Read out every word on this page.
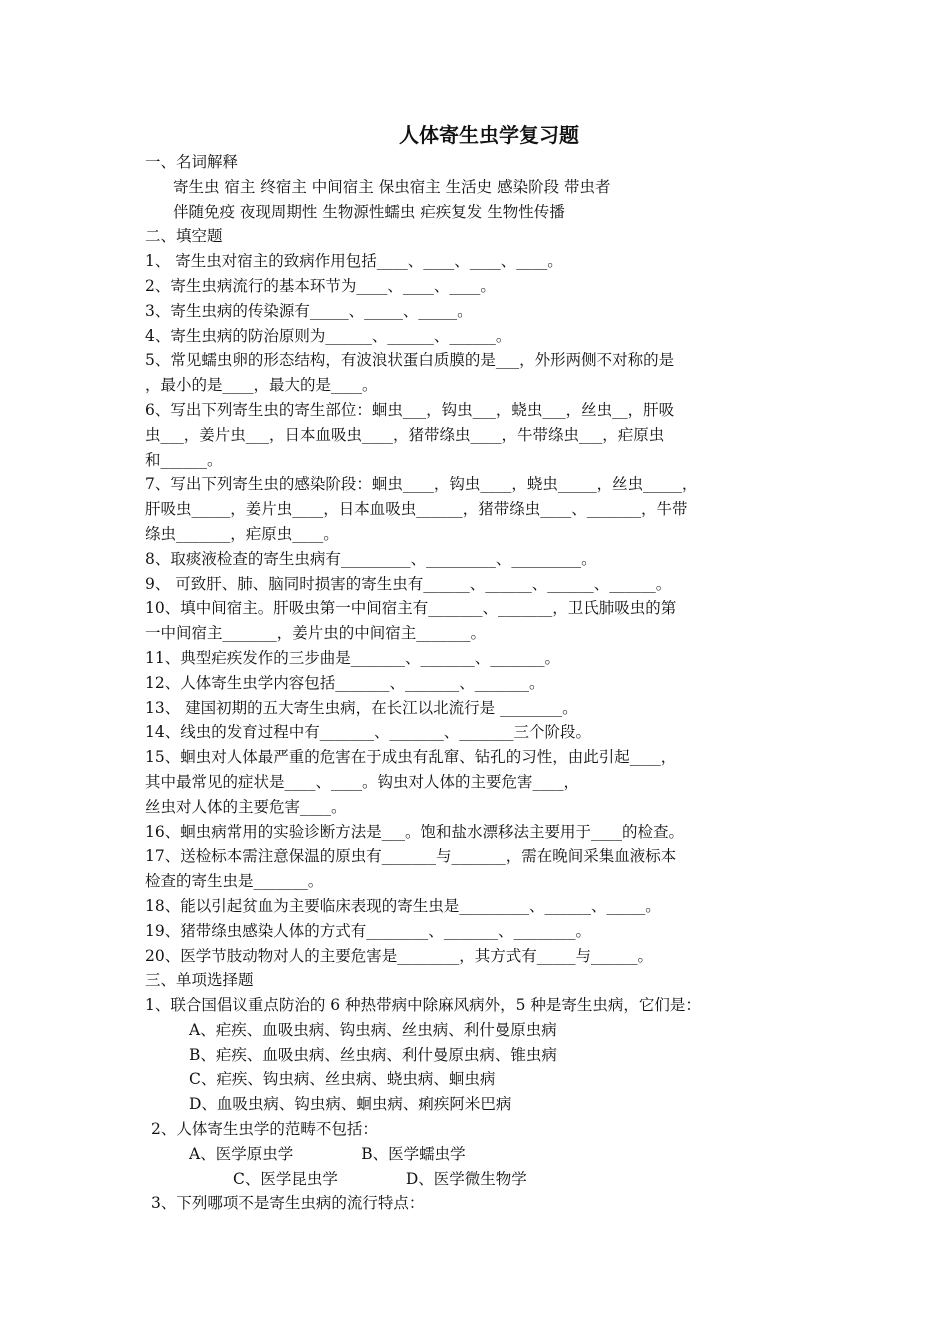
人体寄生虫学复习题
一、名词解释
寄生虫 宿主 终宿主 中间宿主 保虫宿主 生活史 感染阶段 带虫者
伴随免疫 夜现周期性 生物源性蠕虫 疟疾复发 生物性传播
二、填空题
1、 寄生虫对宿主的致病作用包括____、____、____、____。
2、寄生虫病流行的基本环节为____、____、____。
3、寄生虫病的传染源有_____、_____、_____。
4、寄生虫病的防治原则为______、______、______。
5、常见蠕虫卵的形态结构，有波浪状蛋白质膜的是___，外形两侧不对称的是
，最小的是____，最大的是____。
6、写出下列寄生虫的寄生部位：蛔虫___，钩虫___，蛲虫___，丝虫__，肝吸
虫___，姜片虫___，日本血吸虫____，猪带绦虫____，牛带绦虫___，疟原虫
和______。
7、写出下列寄生虫的感染阶段：蛔虫____，钩虫____，蛲虫_____，丝虫_____，
肝吸虫_____，姜片虫____，日本血吸虫______，猪带绦虫____、_______，牛带
绦虫_______，疟原虫____。
8、取痰液检查的寄生虫病有_________、_________、_________。
9、 可致肝、肺、脑同时损害的寄生虫有______、______、______、______。
10、填中间宿主。肝吸虫第一中间宿主有_______、_______，卫氏肺吸虫的第
一中间宿主_______，姜片虫的中间宿主_______。
11、典型疟疾发作的三步曲是_______、_______、_______。
12、人体寄生虫学内容包括_______、_______、_______。
13、 建国初期的五大寄生虫病，在长江以北流行是 ________。
14、线虫的发育过程中有_______、_______、_______三个阶段。
15、蛔虫对人体最严重的危害在于成虫有乱窜、钻孔的习性，由此引起____，
其中最常见的症状是____、____。钩虫对人体的主要危害____，
丝虫对人体的主要危害____。
16、蛔虫病常用的实验诊断方法是___。饱和盐水漂移法主要用于____的检查。
17、送检标本需注意保温的原虫有_______与_______，需在晚间采集血液标本
检查的寄生虫是_______。
18、能以引起贫血为主要临床表现的寄生虫是_________、______、_____。
19、猪带绦虫感染人体的方式有________、_______、________。
20、医学节肢动物对人的主要危害是________，其方式有_____与______。
三、单项选择题
1、联合国倡议重点防治的 6 种热带病中除麻风病外，5 种是寄生虫病，它们是：
A、疟疾、血吸虫病、钩虫病、丝虫病、利什曼原虫病
B、疟疾、血吸虫病、丝虫病、利什曼原虫病、锥虫病
C、疟疾、钩虫病、丝虫病、蛲虫病、蛔虫病
D、血吸虫病、钩虫病、蛔虫病、痢疾阿米巴病
2、人体寄生虫学的范畴不包括：
A、医学原虫学	B、医学蠕虫学
C、医学昆虫学	D、医学微生物学
3、下列哪项不是寄生虫病的流行特点：
